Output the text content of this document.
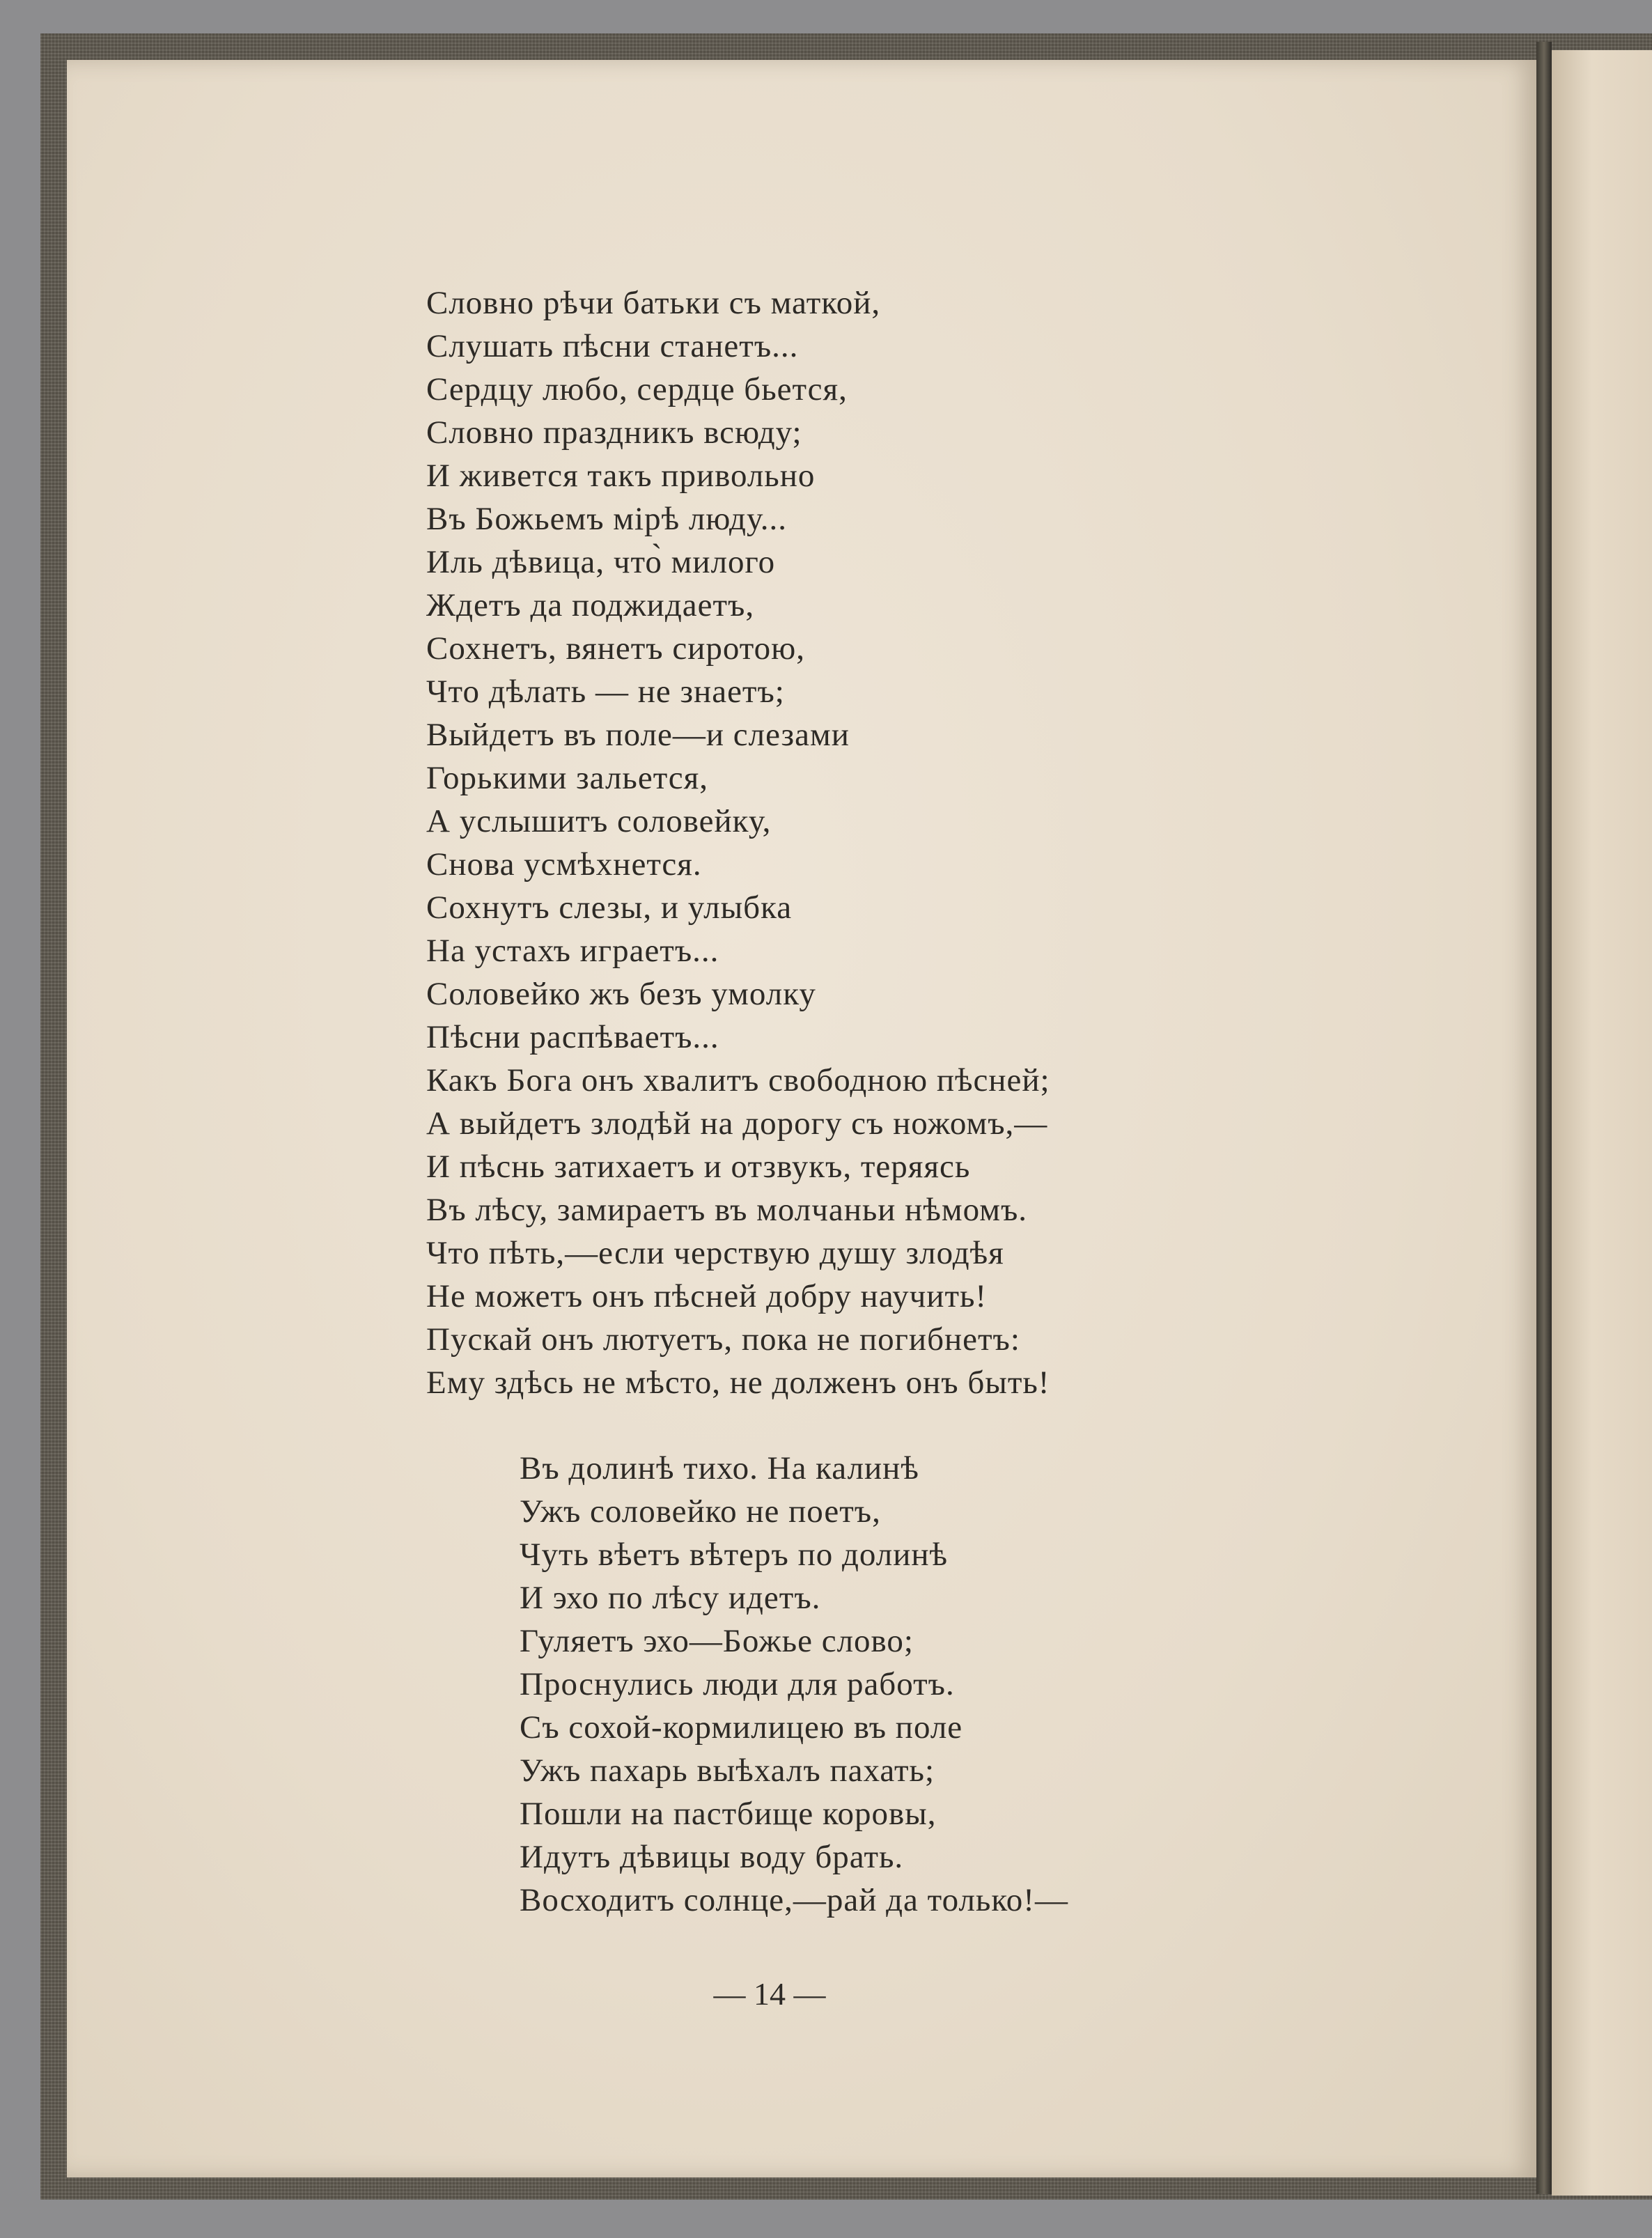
Словно рѣчи батьки съ маткой,
Слушать пѣсни станетъ...
Сердцу любо, сердце бьется,
Словно праздникъ всюду;
И живется такъ привольно
Въ Божьемъ мірѣ люду...
Иль дѣвица, что̀ милого
Ждетъ да поджидаетъ,
Сохнетъ, вянетъ сиротою,
Что дѣлать — не знаетъ;
Выйдетъ въ поле—и слезами
Горькими зальется,
А услышитъ соловейку,
Снова усмѣхнется.
Сохнутъ слезы, и улыбка
На устахъ играетъ...
Соловейко жъ безъ умолку
Пѣсни распѣваетъ...
Какъ Бога онъ хвалитъ свободною пѣсней;
А выйдетъ злодѣй на дорогу съ ножомъ,—
И пѣснь затихаетъ и отзвукъ, теряясь
Въ лѣсу, замираетъ въ молчаньи нѣмомъ.
Что пѣть,—если черствую душу злодѣя
Не можетъ онъ пѣсней добру научить!
Пускай онъ лютуетъ, пока не погибнетъ:
Ему здѣсь не мѣсто, не долженъ онъ быть!
Въ долинѣ тихо. На калинѣ
Ужъ соловейко не поетъ,
Чуть вѣетъ вѣтеръ по долинѣ
И эхо по лѣсу идетъ.
Гуляетъ эхо—Божье слово;
Проснулись люди для работъ.
Съ сохой-кормилицею въ поле
Ужъ пахарь выѣхалъ пахать;
Пошли на пастбище коровы,
Идутъ дѣвицы воду брать.
Восходитъ солнце,—рай да только!—
— 14 —
